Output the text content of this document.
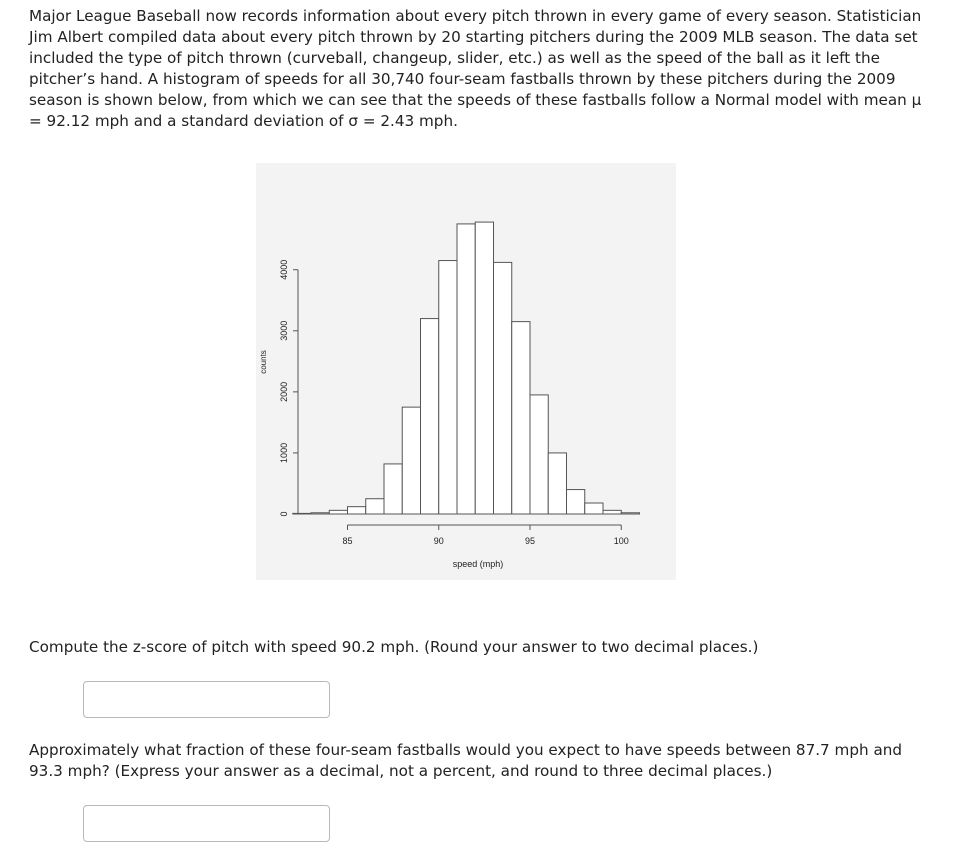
Major League Baseball now records information about every pitch thrown in every game of every season. Statistician Jim Albert compiled data about every pitch thrown by 20 starting pitchers during the 2009 MLB season. The data set included the type of pitch thrown (curveball, changeup, slider, etc.) as well as the speed of the ball as it left the pitcher’s hand. A histogram of speeds for all 30,740 four-seam fastballs thrown by these pitchers during the 2009 season is shown below, from which we can see that the speeds of these fastballs follow a Normal model with mean μ = 92.12 mph and a standard deviation of σ = 2.43 mph.

85	90	95	100
0
1000
2000
3000
4000
speed (mph)
counts

Compute the z-score of pitch with speed 90.2 mph. (Round your answer to two decimal places.)

Approximately what fraction of these four-seam fastballs would you expect to have speeds between 87.7 mph and 93.3 mph? (Express your answer as a decimal, not a percent, and round to three decimal places.)
